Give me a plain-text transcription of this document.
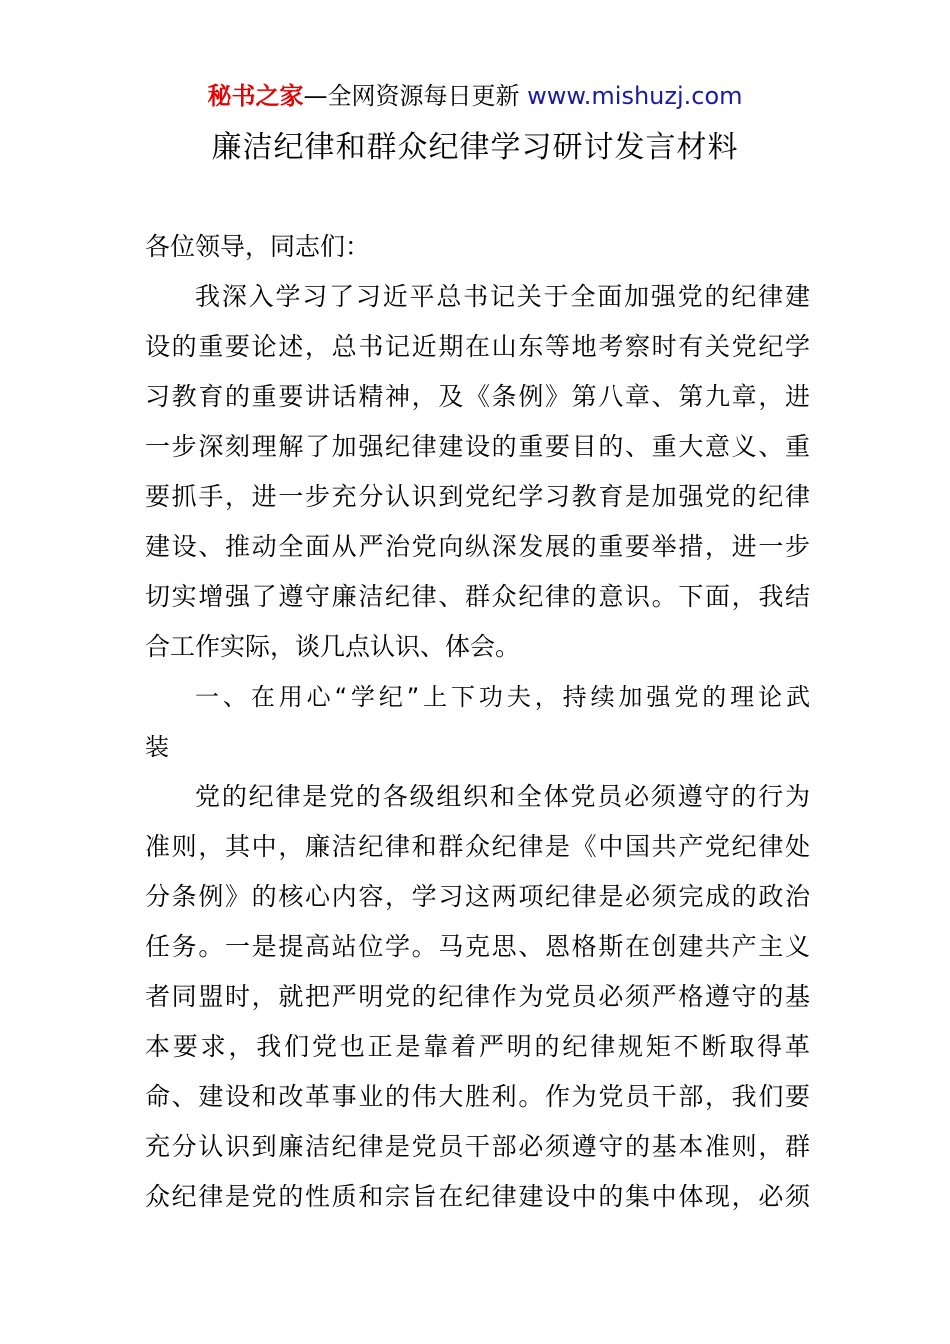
秘书之家—全网资源每日更新 www.mishuzj.com
廉洁纪律和群众纪律学习研讨发言材料
各位领导，同志们：
我深入学习了习近平总书记关于全面加强党的纪律建
设的重要论述，总书记近期在山东等地考察时有关党纪学
习教育的重要讲话精神，及《条例》第八章、第九章，进
一步深刻理解了加强纪律建设的重要目的、重大意义、重
要抓手，进一步充分认识到党纪学习教育是加强党的纪律
建设、推动全面从严治党向纵深发展的重要举措，进一步
切实增强了遵守廉洁纪律、群众纪律的意识。下面，我结
合工作实际，谈几点认识、体会。
一、在用心“学纪”上下功夫，持续加强党的理论武
装
党的纪律是党的各级组织和全体党员必须遵守的行为
准则，其中，廉洁纪律和群众纪律是《中国共产党纪律处
分条例》的核心内容，学习这两项纪律是必须完成的政治
任务。一是提高站位学。马克思、恩格斯在创建共产主义
者同盟时，就把严明党的纪律作为党员必须严格遵守的基
本要求，我们党也正是靠着严明的纪律规矩不断取得革
命、建设和改革事业的伟大胜利。作为党员干部，我们要
充分认识到廉洁纪律是党员干部必须遵守的基本准则，群
众纪律是党的性质和宗旨在纪律建设中的集中体现，必须
